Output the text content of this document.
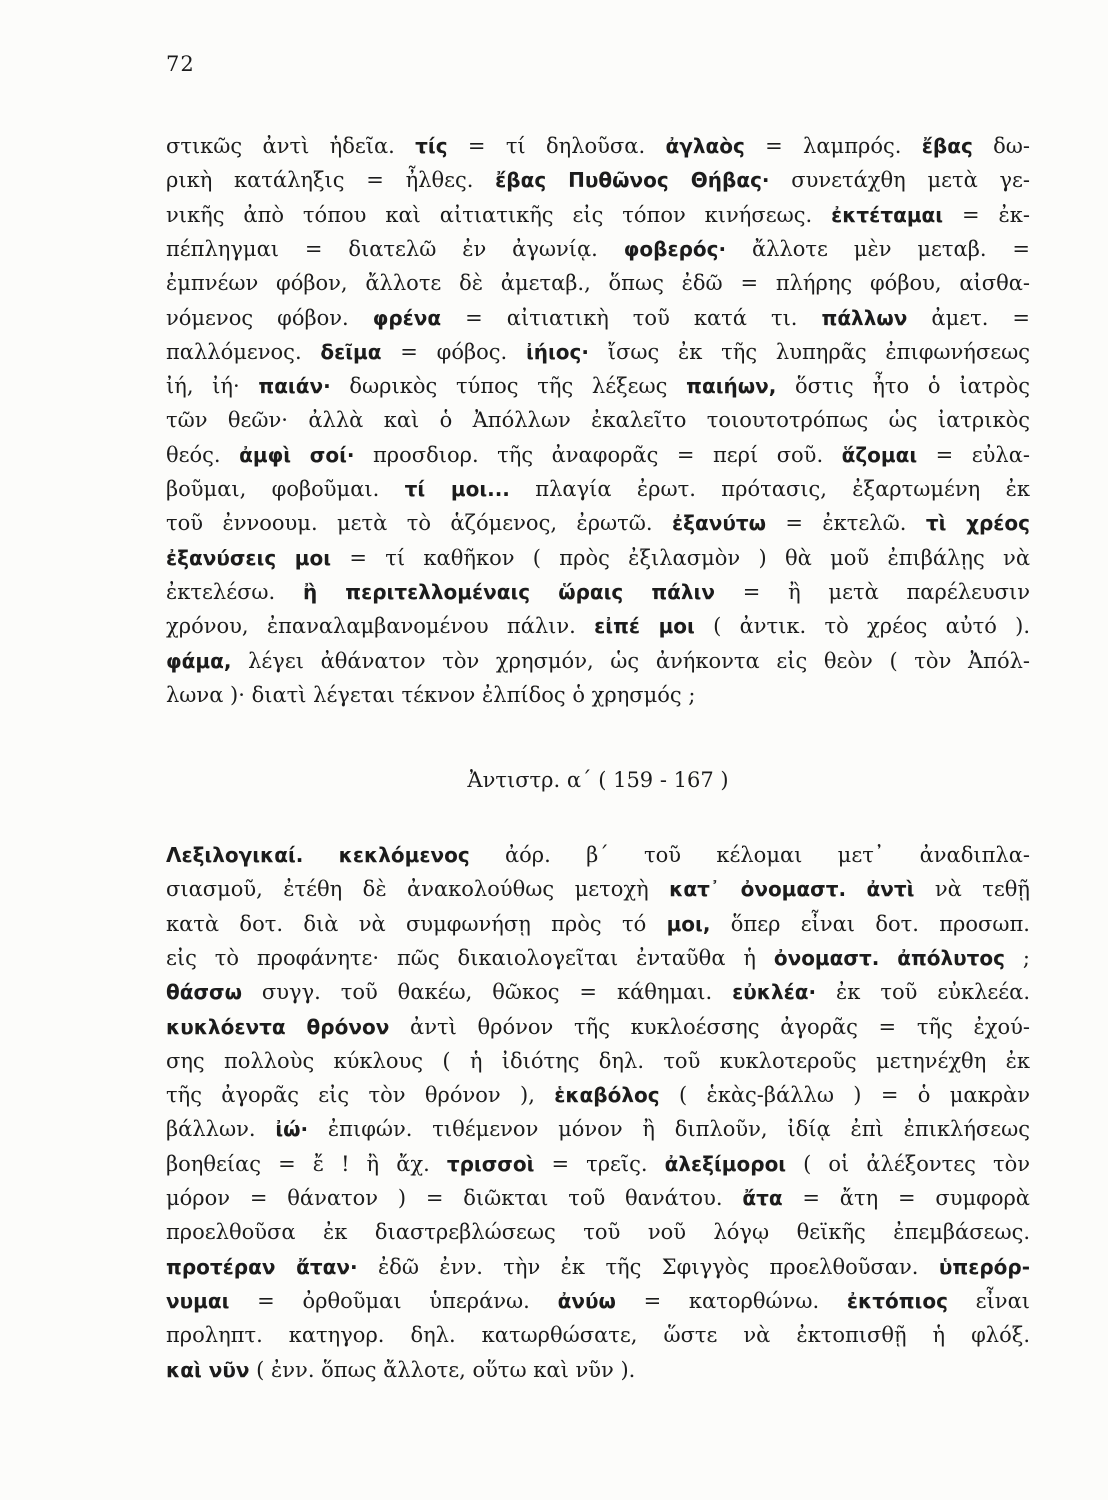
72
στικῶς ἀντὶ ἡδεῖα. τίς = τί δηλοῦσα. ἀγλαὸς = λαμπρός. ἔβας δω-
ρικὴ κατάληξις = ἦλθες. ἔβας Πυθῶνος Θήβας· συνετάχθη μετὰ γε-
νικῆς ἀπὸ τόπου καὶ αἰτιατικῆς εἰς τόπον κινήσεως. ἐκτέταμαι = ἐκ-
πέπληγμαι = διατελῶ ἐν ἀγωνίᾳ. φοβερός· ἄλλοτε μὲν μεταβ. =
ἐμπνέων φόβον, ἄλλοτε δὲ ἀμεταβ., ὅπως ἐδῶ = πλήρης φόβου, αἰσθα-
νόμενος φόβον. φρένα = αἰτιατικὴ τοῦ κατά τι. πάλλων ἀμετ. =
παλλόμενος. δεῖμα = φόβος. ἰήιος· ἴσως ἐκ τῆς λυπηρᾶς ἐπιφωνήσεως
ἰή, ἰή· παιάν· δωρικὸς τύπος τῆς λέξεως παιήων, ὅστις ἦτο ὁ ἰατρὸς
τῶν θεῶν· ἀλλὰ καὶ ὁ Ἀπόλλων ἐκαλεῖτο τοιουτοτρόπως ὡς ἰατρικὸς
θεός. ἀμφὶ σοί· προσδιορ. τῆς ἀναφορᾶς = περί σοῦ. ἅζομαι = εὐλα-
βοῦμαι, φοβοῦμαι. τί μοι... πλαγία ἐρωτ. πρότασις, ἐξαρτωμένη ἐκ
τοῦ ἐννοουμ. μετὰ τὸ ἁζόμενος, ἐρωτῶ. ἐξανύτω = ἐκτελῶ. τὶ χρέος
ἐξανύσεις μοι = τί καθῆκον ( πρὸς ἐξιλασμὸν ) θὰ μοῦ ἐπιβάλῃς νὰ
ἐκτελέσω. ἢ περιτελλομέναις ὥραις πάλιν = ἢ μετὰ παρέλευσιν
χρόνου, ἐπαναλαμβανομένου πάλιν. εἰπέ μοι ( ἀντικ. τὸ χρέος αὐτό ).
φάμα, λέγει ἀθάνατον τὸν χρησμόν, ὡς ἀνήκοντα εἰς θεὸν ( τὸν Ἀπόλ-
λωνα )· διατὶ λέγεται τέκνον ἐλπίδος ὁ χρησμός ;
Ἀντιστρ. α΄ ( 159 - 167 )
Λεξιλογικαί. κεκλόμενος ἀόρ. β΄ τοῦ κέλομαι μετ᾽ ἀναδιπλα-
σιασμοῦ, ἐτέθη δὲ ἀνακολούθως μετοχὴ κατ᾽ ὀνομαστ. ἀντὶ νὰ τεθῇ
κατὰ δοτ. διὰ νὰ συμφωνήσῃ πρὸς τό μοι, ὅπερ εἶναι δοτ. προσωπ.
εἰς τὸ προφάνητε· πῶς δικαιολογεῖται ἐνταῦθα ἡ ὀνομαστ. ἀπόλυτος ;
θάσσω συγγ. τοῦ θακέω, θῶκος = κάθημαι. εὐκλέα· ἐκ τοῦ εὐκλεέα.
κυκλόεντα θρόνον ἀντὶ θρόνον τῆς κυκλοέσσης ἀγορᾶς = τῆς ἐχού-
σης πολλοὺς κύκλους ( ἡ ἰδιότης δηλ. τοῦ κυκλοτεροῦς μετηνέχθη ἐκ
τῆς ἀγορᾶς εἰς τὸν θρόνον ), ἑκαβόλος ( ἑκὰς-βάλλω ) = ὁ μακρὰν
βάλλων. ἰώ· ἐπιφών. τιθέμενον μόνον ἢ διπλοῦν, ἰδίᾳ ἐπὶ ἐπικλήσεως
βοηθείας = ἔ ! ἢ ἄχ. τρισσοὶ = τρεῖς. ἀλεξίμοροι ( οἱ ἀλέξοντες τὸν
μόρον = θάνατον ) = διῶκται τοῦ θανάτου. ἄτα = ἄτη = συμφορὰ
προελθοῦσα ἐκ διαστρεβλώσεως τοῦ νοῦ λόγῳ θεϊκῆς ἐπεμβάσεως.
προτέραν ἄταν· ἐδῶ ἐνν. τὴν ἐκ τῆς Σφιγγὸς προελθοῦσαν. ὑπερόρ-
νυμαι = ὀρθοῦμαι ὑπεράνω. ἀνύω = κατορθώνω. ἐκτόπιος εἶναι
προληπτ. κατηγορ. δηλ. κατωρθώσατε, ὥστε νὰ ἐκτοπισθῇ ἡ φλόξ.
καὶ νῦν ( ἐνν. ὅπως ἄλλοτε, οὕτω καὶ νῦν ).
